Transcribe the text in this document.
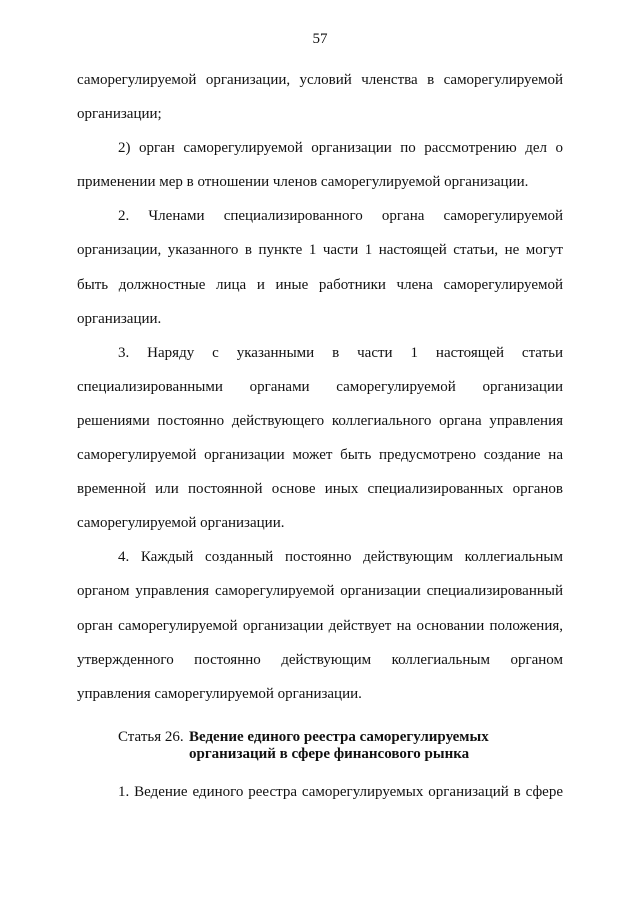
57

саморегулируемой организации, условий членства в саморегулируемой организации;

2) орган саморегулируемой организации по рассмотрению дел о применении мер в отношении членов саморегулируемой организации.

2. Членами специализированного органа саморегулируемой организации, указанного в пункте 1 части 1 настоящей статьи, не могут быть должностные лица и иные работники члена саморегулируемой организации.

3. Наряду с указанными в части 1 настоящей статьи специализированными органами саморегулируемой организации решениями постоянно действующего коллегиального органа управления саморегулируемой организации может быть предусмотрено создание на временной или постоянной основе иных специализированных органов саморегулируемой организации.

4. Каждый созданный постоянно действующим коллегиальным органом управления саморегулируемой организации специализированный орган саморегулируемой организации действует на основании положения, утвержденного постоянно действующим коллегиальным органом управления саморегулируемой организации.

Статья 26. Ведение единого реестра саморегулируемых
организаций в сфере финансового рынка

1. Ведение единого реестра саморегулируемых организаций в сфере
